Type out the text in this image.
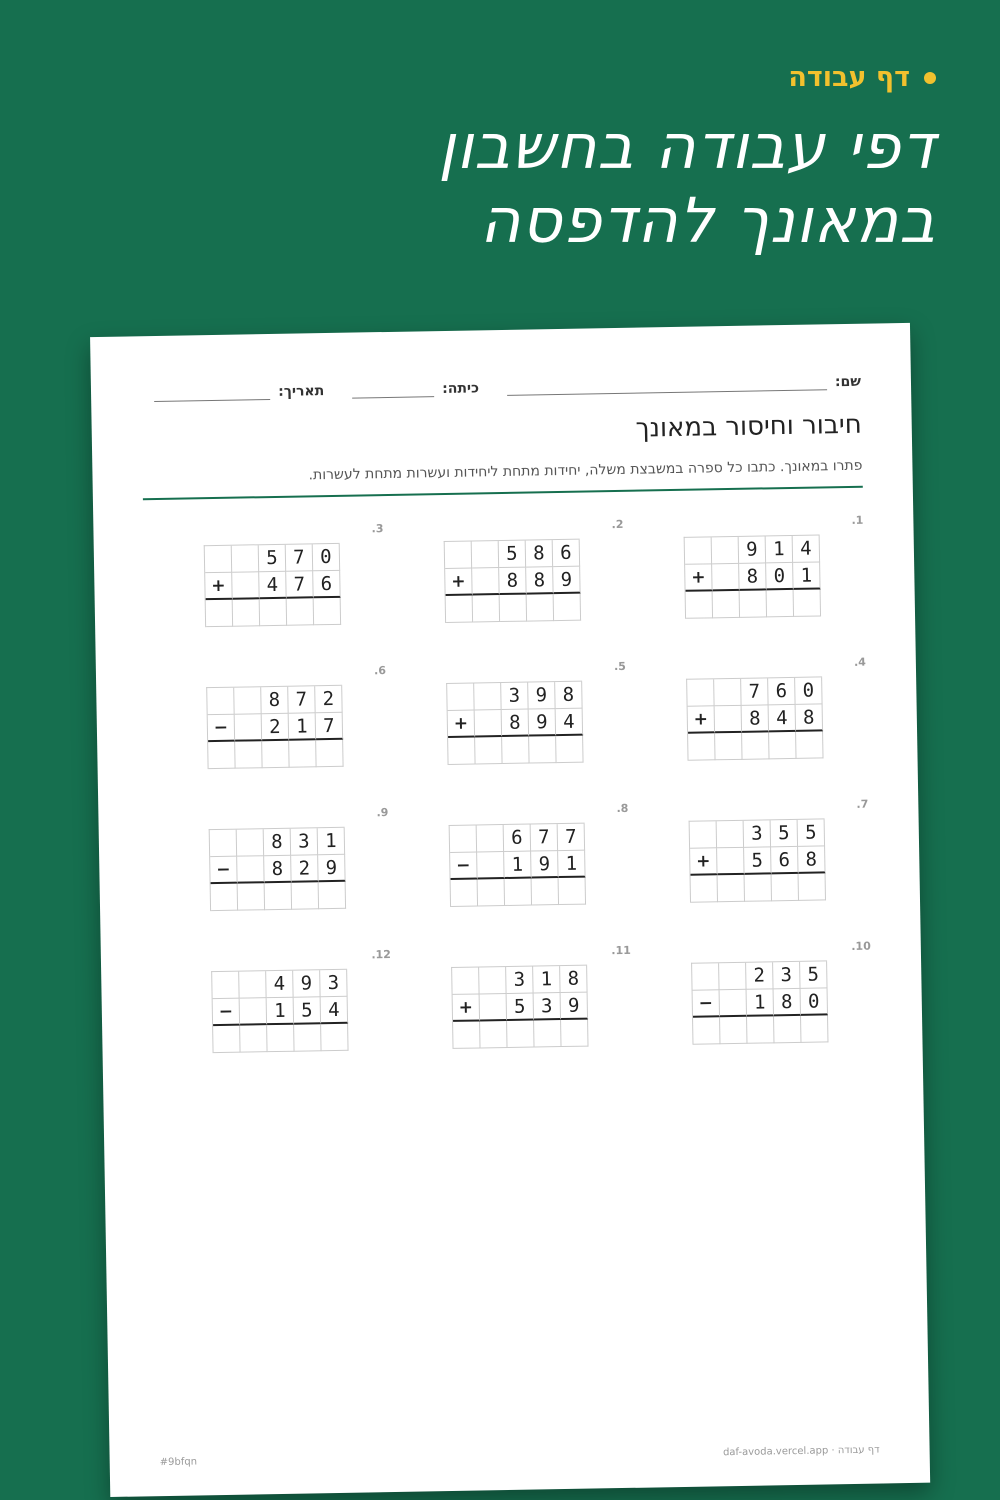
דף עבודה
דפי עבודה בחשבון
במאונך להדפסה
שם:
כיתה:
תאריך:
חיבור וחיסור במאונך
פתרו במאונך. כתבו כל ספרה במשבצת משלה, יחידות מתחת ליחידות ועשרות מתחת לעשרות.
1.
9 1 4
+	8 0 1
2.
5 8 6
+	8 8 9
3.
5 7 0
+	4 7 6
4.
7 6 0
+	8 4 8
5.
3 9 8
+	8 9 4
6.
8 7 2
−	2 1 7
7.
3 5 5
+	5 6 8
8.
6 7 7
−	1 9 1
9.
8 3 1
−	8 2 9
10.
2 3 5
−	1 8 0
11.
3 1 8
+	5 3 9
12.
4 9 3
−	1 5 4
#9bfqn
דף עבודה · daf-avoda.vercel.app
